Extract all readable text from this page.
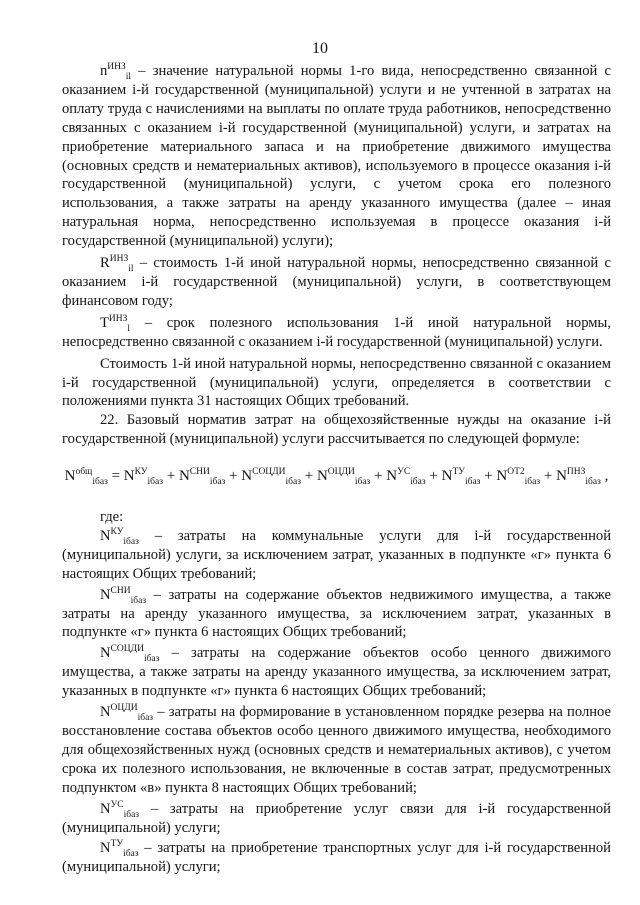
10

$n^{ИНЗ}_{il}$ – значение натуральной нормы 1-го вида, непосредственно связанной с оказанием i-й государственной (муниципальной) услуги и не учтенной в затратах на оплату труда с начислениями на выплаты по оплате труда работников, непосредственно связанных с оказанием i-й государственной (муниципальной) услуги, и затратах на приобретение материального запаса и на приобретение движимого имущества (основных средств и нематериальных активов), используемого в процессе оказания i-й государственной (муниципальной) услуги, с учетом срока его полезного использования, а также затраты на аренду указанного имущества (далее – иная натуральная норма, непосредственно используемая в процессе оказания i-й государственной (муниципальной) услуги);

$R^{ИНЗ}_{il}$ – стоимость 1-й иной натуральной нормы, непосредственно связанной с оказанием i-й государственной (муниципальной) услуги, в соответствующем финансовом году;

$T^{ИНЗ}_l$ – срок полезного использования 1-й иной натуральной нормы, непосредственно связанной с оказанием i-й государственной (муниципальной) услуги.

Стоимость 1-й иной натуральной нормы, непосредственно связанной с оказанием i-й государственной (муниципальной) услуги, определяется в соответствии с положениями пункта 31 настоящих Общих требований.

22. Базовый норматив затрат на общехозяйственные нужды на оказание i-й государственной (муниципальной) услуги рассчитывается по следующей формуле:

$N^{общ}_{iбаз} = N^{КУ}_{iбаз} + N^{СНИ}_{iбаз} + N^{СОЦДИ}_{iбаз} + N^{ОЦДИ}_{iбаз} + N^{УС}_{iбаз} + N^{ТУ}_{iбаз} + N^{ОТ2}_{iбаз} + N^{ПНЗ}_{iбаз}$ ,

где:

$N^{КУ}_{iбаз}$ – затраты на коммунальные услуги для i-й государственной (муниципальной) услуги, за исключением затрат, указанных в подпункте «г» пункта 6 настоящих Общих требований;

$N^{СНИ}_{iбаз}$ – затраты на содержание объектов недвижимого имущества, а также затраты на аренду указанного имущества, за исключением затрат, указанных в подпункте «г» пункта 6 настоящих Общих требований;

$N^{СОЦДИ}_{iбаз}$ – затраты на содержание объектов особо ценного движимого имущества, а также затраты на аренду указанного имущества, за исключением затрат, указанных в подпункте «г» пункта 6 настоящих Общих требований;

$N^{ОЦДИ}_{iбаз}$ – затраты на формирование в установленном порядке резерва на полное восстановление состава объектов особо ценного движимого имущества, необходимого для общехозяйственных нужд (основных средств и нематериальных активов), с учетом срока их полезного использования, не включенные в состав затрат, предусмотренных подпунктом «в» пункта 8 настоящих Общих требований;

$N^{УС}_{iбаз}$ – затраты на приобретение услуг связи для i-й государственной (муниципальной) услуги;

$N^{ТУ}_{iбаз}$ – затраты на приобретение транспортных услуг для i-й государственной (муниципальной) услуги;
